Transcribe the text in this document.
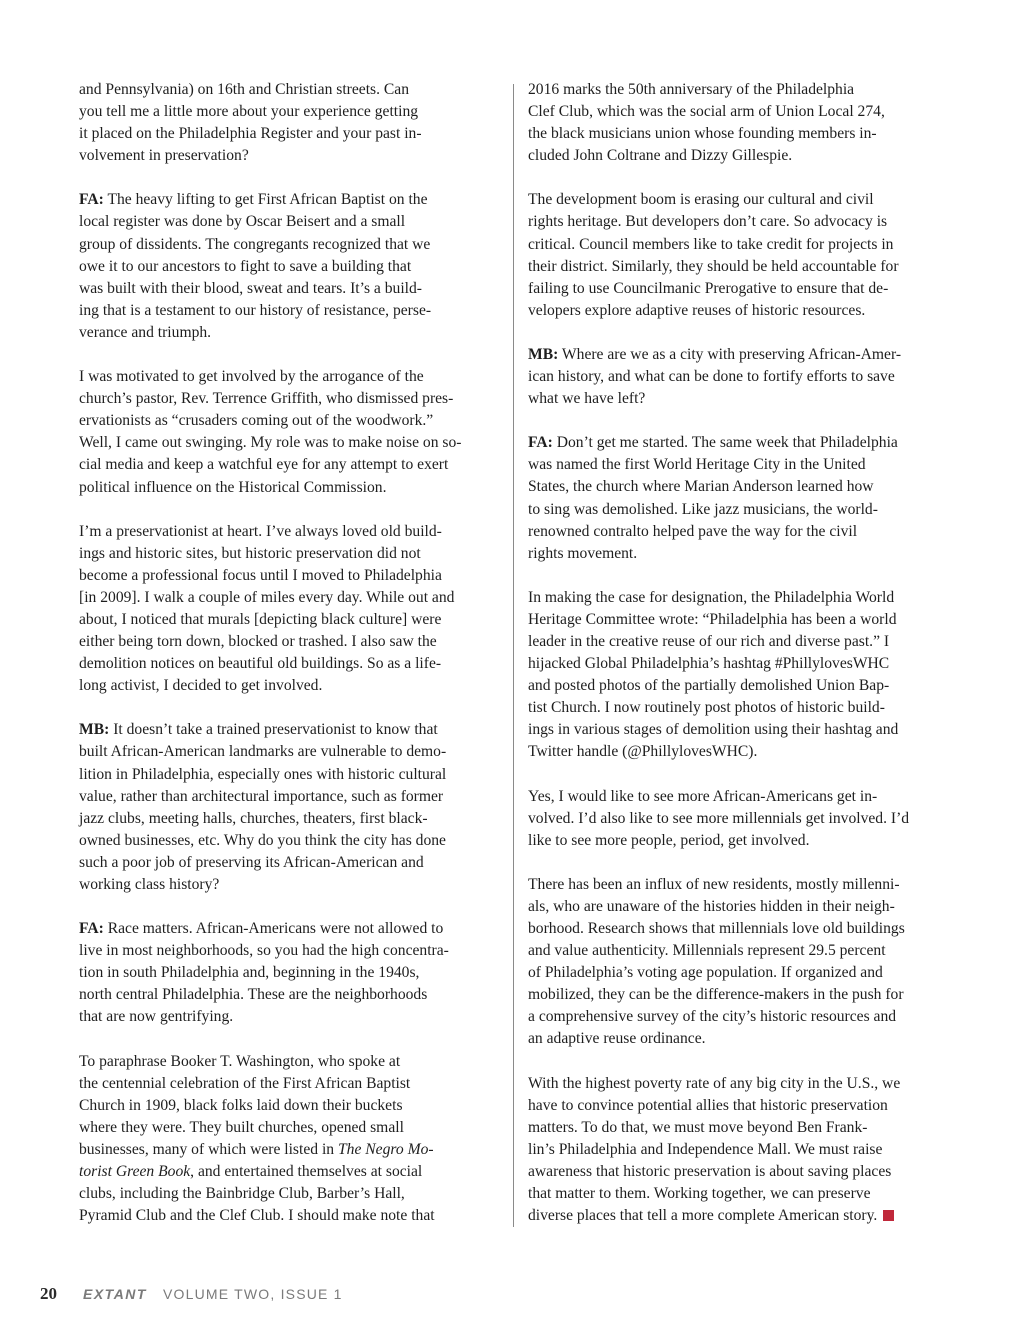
and Pennsylvania) on 16th and Christian streets. Can
you tell me a little more about your experience getting
it placed on the Philadelphia Register and your past in-
volvement in preservation?

FA: The heavy lifting to get First African Baptist on the
local register was done by Oscar Beisert and a small
group of dissidents. The congregants recognized that we
owe it to our ancestors to fight to save a building that
was built with their blood, sweat and tears. It’s a build-
ing that is a testament to our history of resistance, perse-
verance and triumph.

I was motivated to get involved by the arrogance of the
church’s pastor, Rev. Terrence Griffith, who dismissed pres-
ervationists as “crusaders coming out of the woodwork.”
Well, I came out swinging. My role was to make noise on so-
cial media and keep a watchful eye for any attempt to exert
political influence on the Historical Commission.

I’m a preservationist at heart. I’ve always loved old build-
ings and historic sites, but historic preservation did not
become a professional focus until I moved to Philadelphia
[in 2009]. I walk a couple of miles every day. While out and
about, I noticed that murals [depicting black culture] were
either being torn down, blocked or trashed. I also saw the
demolition notices on beautiful old buildings. So as a life-
long activist, I decided to get involved.

MB: It doesn’t take a trained preservationist to know that
built African-American landmarks are vulnerable to demo-
lition in Philadelphia, especially ones with historic cultural
value, rather than architectural importance, such as former
jazz clubs, meeting halls, churches, theaters, first black-
owned businesses, etc. Why do you think the city has done
such a poor job of preserving its African-American and
working class history?

FA: Race matters. African-Americans were not allowed to
live in most neighborhoods, so you had the high concentra-
tion in south Philadelphia and, beginning in the 1940s,
north central Philadelphia. These are the neighborhoods
that are now gentrifying.

To paraphrase Booker T. Washington, who spoke at
the centennial celebration of the First African Baptist
Church in 1909, black folks laid down their buckets
where they were. They built churches, opened small
businesses, many of which were listed in The Negro Mo-
torist Green Book, and entertained themselves at social
clubs, including the Bainbridge Club, Barber’s Hall,
Pyramid Club and the Clef Club. I should make note that

2016 marks the 50th anniversary of the Philadelphia
Clef Club, which was the social arm of Union Local 274,
the black musicians union whose founding members in-
cluded John Coltrane and Dizzy Gillespie.

The development boom is erasing our cultural and civil
rights heritage. But developers don’t care. So advocacy is
critical. Council members like to take credit for projects in
their district. Similarly, they should be held accountable for
failing to use Councilmanic Prerogative to ensure that de-
velopers explore adaptive reuses of historic resources.

MB: Where are we as a city with preserving African-Amer-
ican history, and what can be done to fortify efforts to save
what we have left?

FA: Don’t get me started. The same week that Philadelphia
was named the first World Heritage City in the United
States, the church where Marian Anderson learned how
to sing was demolished. Like jazz musicians, the world-
renowned contralto helped pave the way for the civil
rights movement.

In making the case for designation, the Philadelphia World
Heritage Committee wrote: “Philadelphia has been a world
leader in the creative reuse of our rich and diverse past.” I
hijacked Global Philadelphia’s hashtag #PhillylovesWHC
and posted photos of the partially demolished Union Bap-
tist Church. I now routinely post photos of historic build-
ings in various stages of demolition using their hashtag and
Twitter handle (@PhillylovesWHC).

Yes, I would like to see more African-Americans get in-
volved. I’d also like to see more millennials get involved. I’d
like to see more people, period, get involved.

There has been an influx of new residents, mostly millenni-
als, who are unaware of the histories hidden in their neigh-
borhood. Research shows that millennials love old buildings
and value authenticity. Millennials represent 29.5 percent
of Philadelphia’s voting age population. If organized and
mobilized, they can be the difference-makers in the push for
a comprehensive survey of the city’s historic resources and
an adaptive reuse ordinance.

With the highest poverty rate of any big city in the U.S., we
have to convince potential allies that historic preservation
matters. To do that, we must move beyond Ben Frank-
lin’s Philadelphia and Independence Mall. We must raise
awareness that historic preservation is about saving places
that matter to them. Working together, we can preserve
diverse places that tell a more complete American story.

20 EXTANT VOLUME TWO, ISSUE 1
